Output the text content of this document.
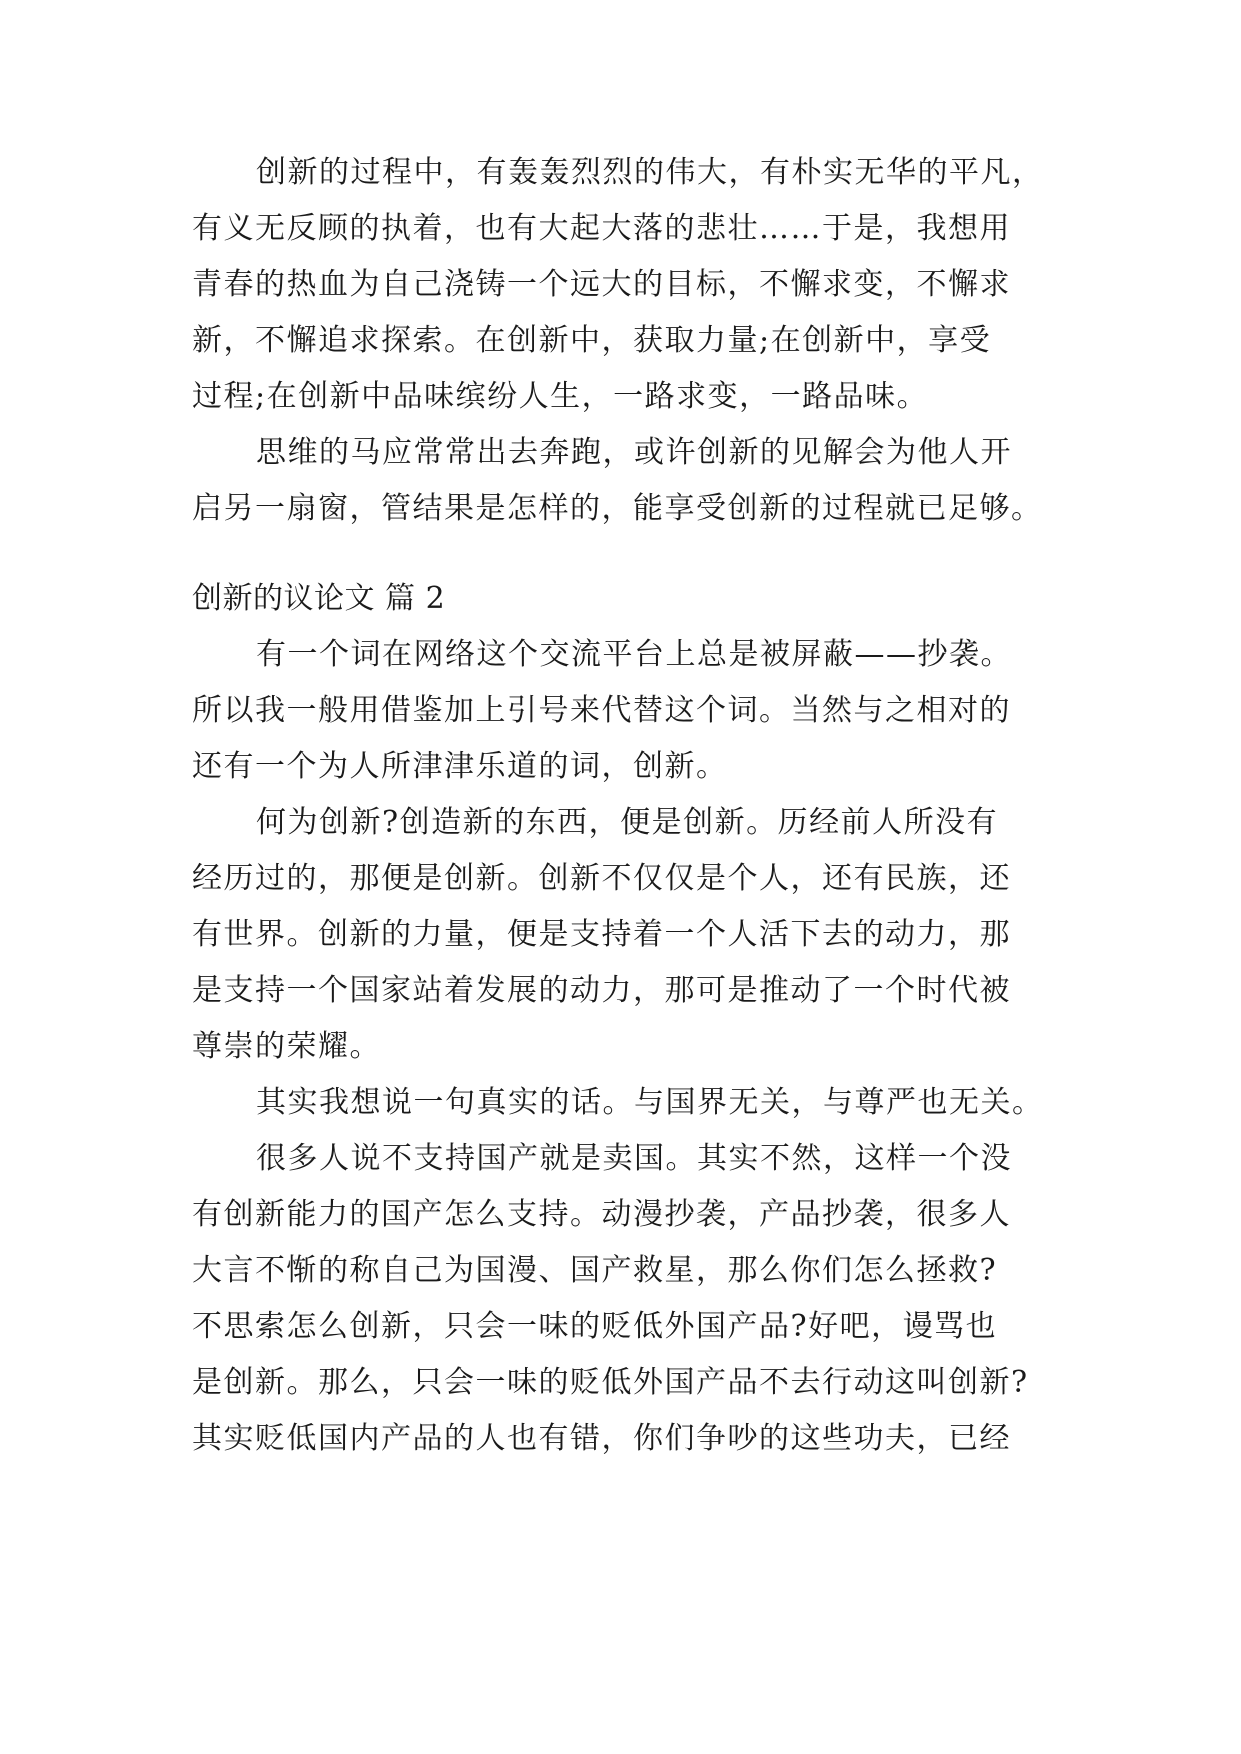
创新的过程中，有轰轰烈烈的伟大，有朴实无华的平凡，
有义无反顾的执着，也有大起大落的悲壮……于是，我想用
青春的热血为自己浇铸一个远大的目标，不懈求变，不懈求
新，不懈追求探索。在创新中，获取力量;在创新中，享受
过程;在创新中品味缤纷人生，一路求变，一路品味。
思维的马应常常出去奔跑，或许创新的见解会为他人开
启另一扇窗，管结果是怎样的，能享受创新的过程就已足够。
创新的议论文 篇 2
有一个词在网络这个交流平台上总是被屏蔽——抄袭。
所以我一般用借鉴加上引号来代替这个词。当然与之相对的
还有一个为人所津津乐道的词，创新。
何为创新?创造新的东西，便是创新。历经前人所没有
经历过的，那便是创新。创新不仅仅是个人，还有民族，还
有世界。创新的力量，便是支持着一个人活下去的动力，那
是支持一个国家站着发展的动力，那可是推动了一个时代被
尊崇的荣耀。
其实我想说一句真实的话。与国界无关，与尊严也无关。
很多人说不支持国产就是卖国。其实不然，这样一个没
有创新能力的国产怎么支持。动漫抄袭，产品抄袭，很多人
大言不惭的称自己为国漫、国产救星，那么你们怎么拯救?
不思索怎么创新，只会一味的贬低外国产品?好吧，谩骂也
是创新。那么，只会一味的贬低外国产品不去行动这叫创新?
其实贬低国内产品的人也有错，你们争吵的这些功夫，已经
